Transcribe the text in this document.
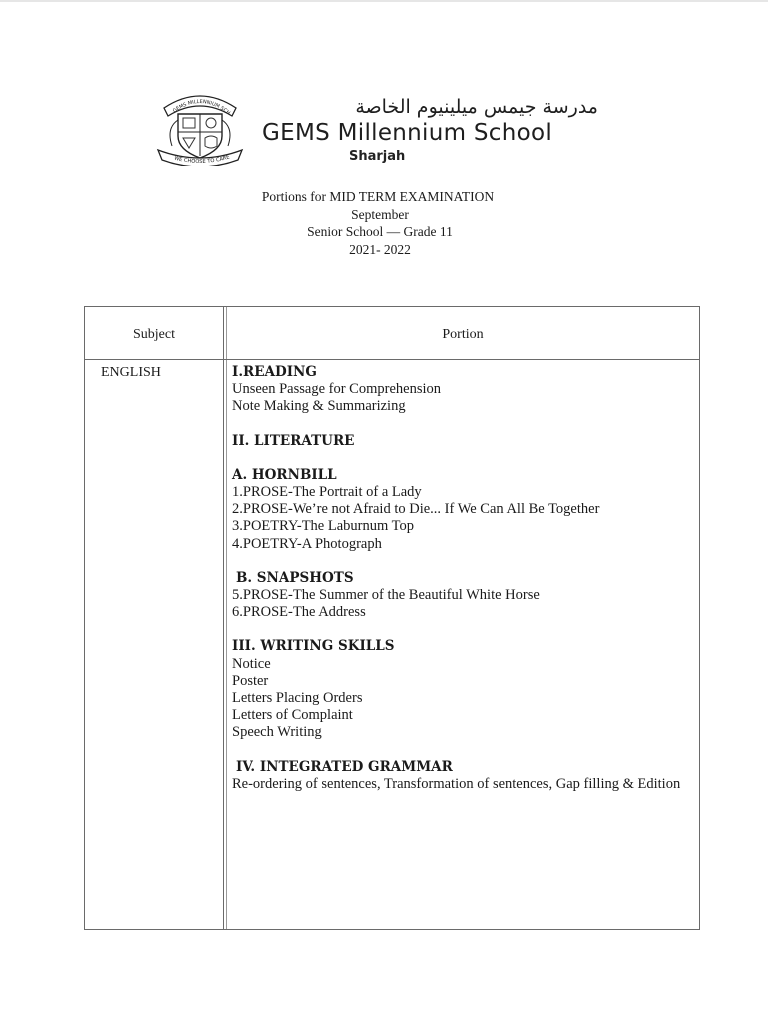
GEMS MILLENNIUM SCH
WE CHOOSE TO CARE
مدرسة جيمس ميلينيوم الخاصة
GEMS Millennium School
Sharjah
Portions for MID TERM EXAMINATION
September
Senior School — Grade 11
2021- 2022
Subject	Portion
ENGLISH	I.READING
Unseen Passage for Comprehension
Note Making & Summarizing
II. LITERATURE
A. HORNBILL
1.PROSE-The Portrait of a Lady
2.PROSE-We’re not Afraid to Die... If We Can All Be Together
3.POETRY-The Laburnum Top
4.POETRY-A Photograph
B. SNAPSHOTS
5.PROSE-The Summer of the Beautiful White Horse
6.PROSE-The Address
III. WRITING SKILLS
Notice
Poster
Letters Placing Orders
Letters of Complaint
Speech Writing
IV. INTEGRATED GRAMMAR
Re-ordering of sentences, Transformation of sentences, Gap filling & Edition
